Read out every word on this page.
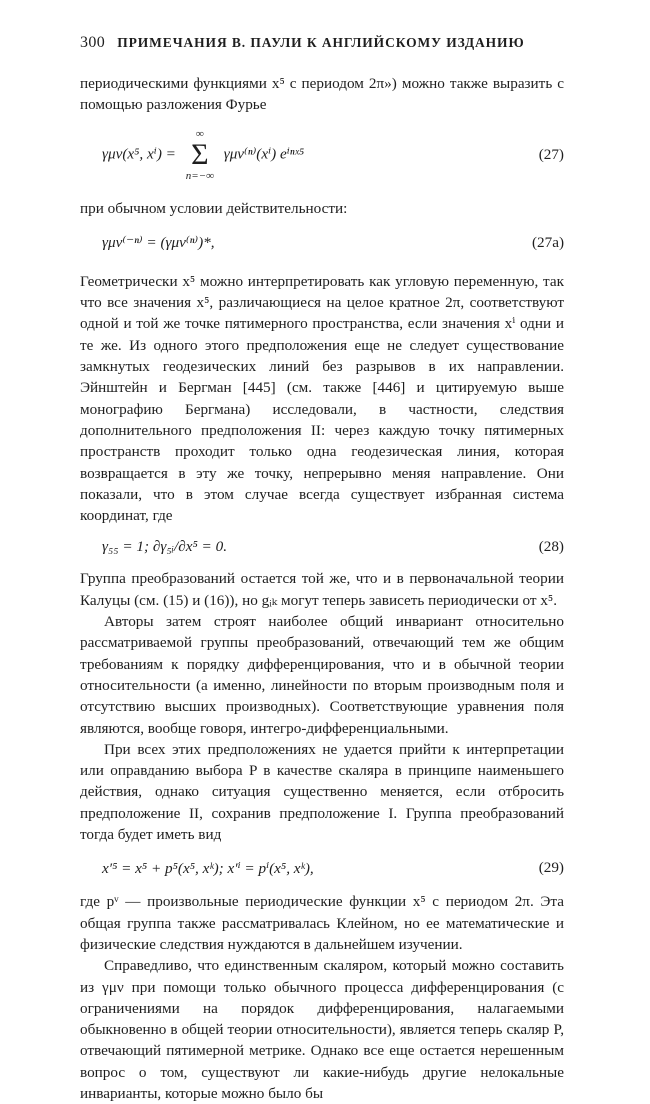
300 ПРИМЕЧАНИЯ В. ПАУЛИ К АНГЛИЙСКОМУ ИЗДАНИЮ

периодическими функциями x⁵ с периодом 2π») можно также выразить с помощью разложения Фурье

γμν(x⁵, xⁱ) =
∞
Σ
n=−∞
γμν⁽ⁿ⁾(xⁱ) eⁱⁿˣ⁵	(27)

при обычном условии действительности:

γμν⁽⁻ⁿ⁾ = (γμν⁽ⁿ⁾)*,	(27a)

Геометрически x⁵ можно интерпретировать как угловую переменную, так что все значения x⁵, различающиеся на целое кратное 2π, соответствуют одной и той же точке пятимерного пространства, если значения xⁱ одни и те же. Из одного этого предположения еще не следует существование замкнутых геодезических линий без разрывов в их направлении. Эйнштейн и Бергман [445] (см. также [446] и цитируемую выше монографию Бергмана) исследовали, в частности, следствия дополнительного предположения II: через каждую точку пятимерных пространств проходит только одна геодезическая линия, которая возвращается в эту же точку, непрерывно меняя направление. Они показали, что в этом случае всегда существует избранная система координат, где

γ₅₅ = 1; ∂γ₅ᵢ/∂x⁵ = 0.	(28)

Группа преобразований остается той же, что и в первоначальной теории Калуцы (см. (15) и (16)), но gᵢₖ могут теперь зависеть периодически от x⁵.

Авторы затем строят наиболее общий инвариант относительно рассматриваемой группы преобразований, отвечающий тем же общим требованиям к порядку дифференцирования, что и в обычной теории относительности (а именно, линейности по вторым производным поля и отсутствию высших производных). Соответствующие уравнения поля являются, вообще говоря, интегро-дифференциальными.

При всех этих предположениях не удается прийти к интерпретации или оправданию выбора P в качестве скаляра в принципе наименьшего действия, однако ситуация существенно меняется, если отбросить предположение II, сохранив предположение I. Группа преобразований тогда будет иметь вид

x′⁵ = x⁵ + p⁵(x⁵, xᵏ); x′ⁱ = pⁱ(x⁵, xᵏ),	(29)

где pᵛ — произвольные периодические функции x⁵ с периодом 2π. Эта общая группа также рассматривалась Клейном, но ее математические и физические следствия нуждаются в дальнейшем изучении.

Справедливо, что единственным скаляром, который можно составить из γμν при помощи только обычного процесса дифференцирования (с ограничениями на порядок дифференцирования, налагаемыми обыкновенно в общей теории относительности), является теперь скаляр P, отвечающий пятимерной метрике. Однако все еще остается нерешенным вопрос о том, существуют ли какие-нибудь другие нелокальные инварианты, которые можно было бы
